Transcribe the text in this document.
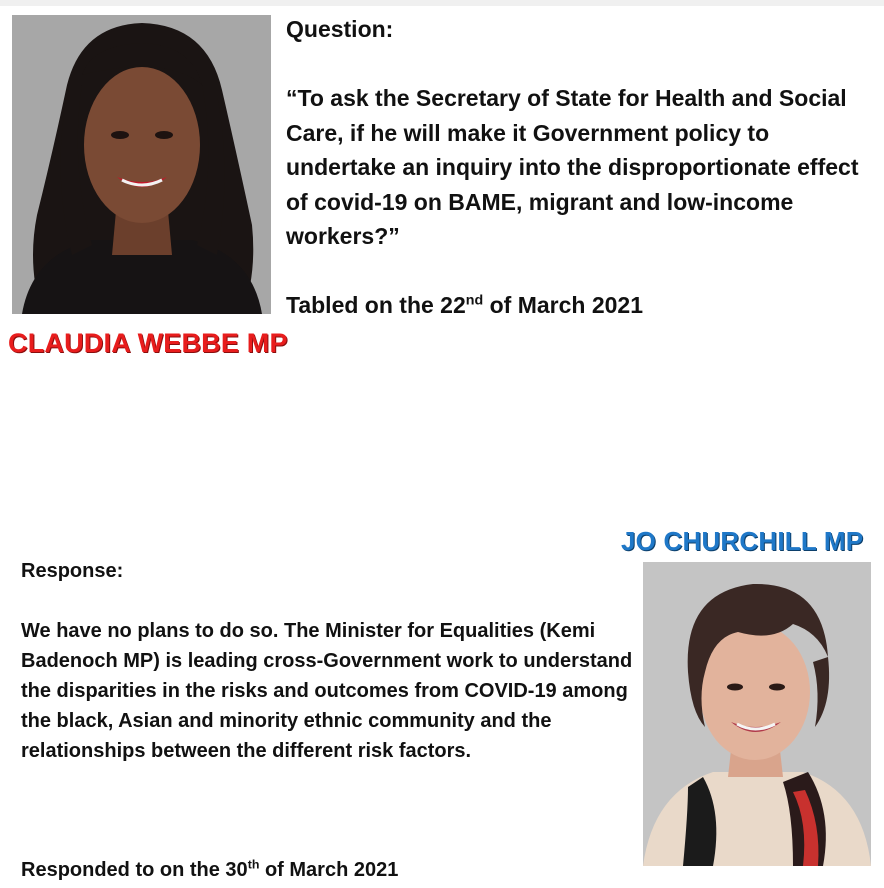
Question:

“To ask the Secretary of State for Health and Social Care, if he will make it Government policy to undertake an inquiry into the disproportionate effect of covid-19 on BAME, migrant and low-income workers?”

Tabled on the 22nd of March 2021

CLAUDIA WEBBE MP
JO CHURCHILL MP

Response:

We have no plans to do so. The Minister for Equalities (Kemi Badenoch MP) is leading cross-Government work to understand the disparities in the risks and outcomes from COVID-19 among the black, Asian and minority ethnic community and the relationships between the different risk factors.

Responded to on the 30th of March 2021
